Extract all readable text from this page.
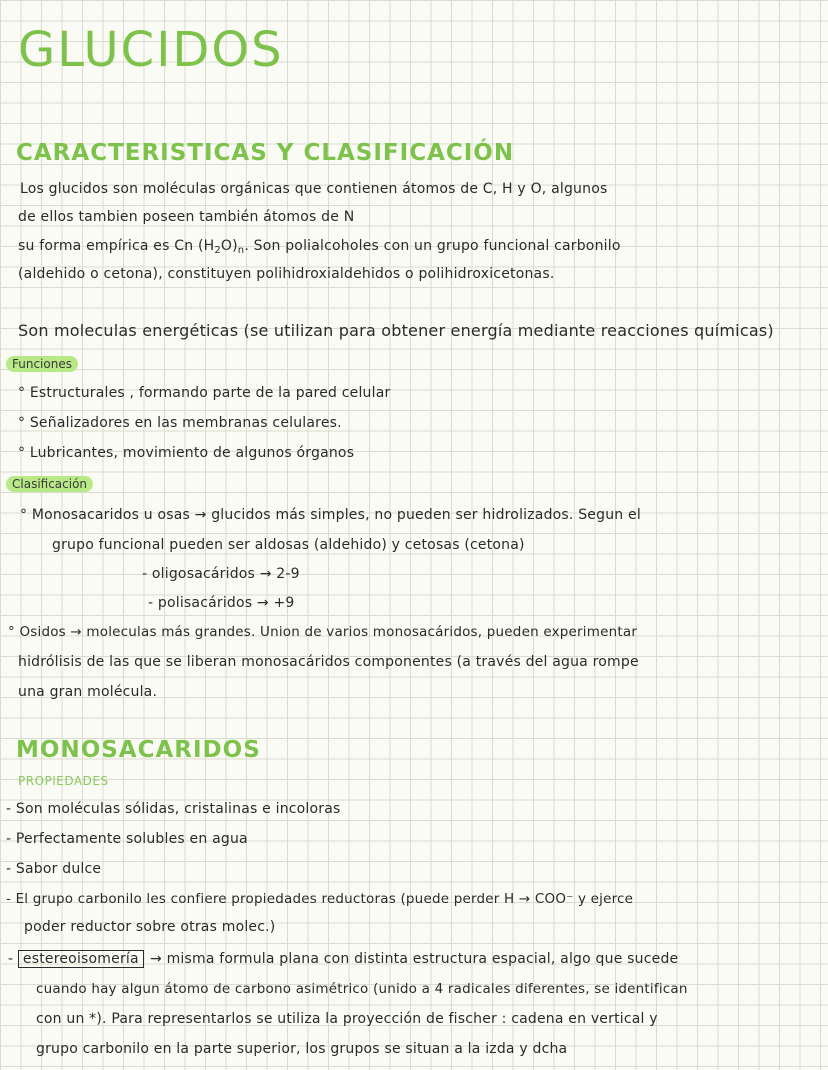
GLUCIDOS
CARACTERISTICAS Y CLASIFICACIÓN
Los glucidos son moléculas orgánicas que contienen átomos de C, H y O, algunos
de ellos tambien poseen también átomos de N
su forma empírica es Cn $(H_2O)_n$. Son polialcoholes con un grupo funcional carbonilo
(aldehido o cetona), constituyen polihidroxialdehidos o polihidroxicetonas.
Son moleculas energéticas (se utilizan para obtener energía mediante reacciones químicas)
Funciones
° Estructurales , formando parte de la pared celular
° Señalizadores en las membranas celulares.
° Lubricantes, movimiento de algunos órganos
Clasificación
° Monosacaridos u osas → glucidos más simples, no pueden ser hidrolizados. Segun el
grupo funcional pueden ser aldosas (aldehido) y cetosas (cetona)
- oligosacáridos → 2-9
- polisacáridos → +9
° Osidos → moleculas más grandes. Union de varios monosacáridos, pueden experimentar
hidrólisis de las que se liberan monosacáridos componentes (a través del agua rompe
una gran molécula.
MONOSACARIDOS
PROPIEDADES
- Son moléculas sólidas, cristalinas e incoloras
- Perfectamente solubles en agua
- Sabor dulce
- El grupo carbonilo les confiere propiedades reductoras (puede perder H → COO⁻ y ejerce
poder reductor sobre otras molec.)
- estereoisomería → misma formula plana con distinta estructura espacial, algo que sucede
cuando hay algun átomo de carbono asimétrico (unido a 4 radicales diferentes, se identifican
con un *). Para representarlos se utiliza la proyección de fischer : cadena en vertical y
grupo carbonilo en la parte superior, los grupos se situan a la izda y dcha
